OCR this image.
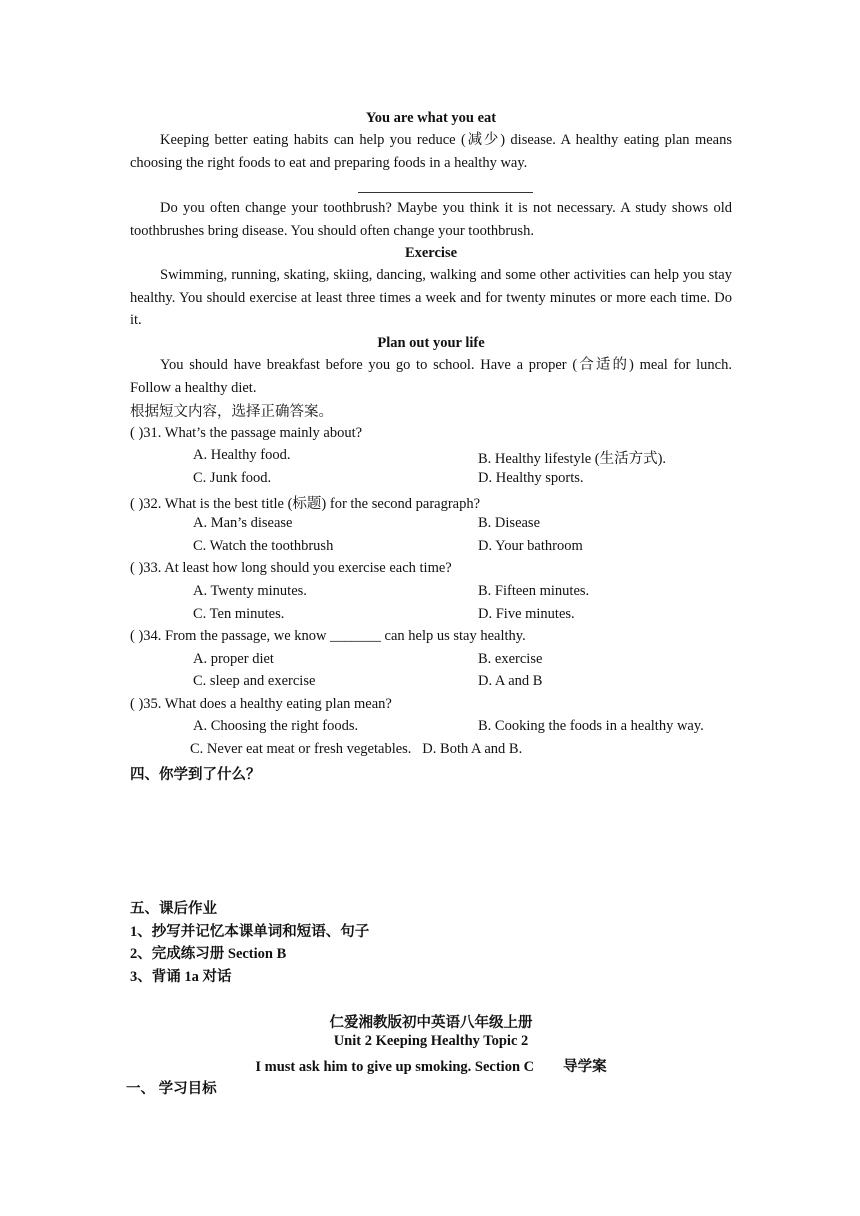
You are what you eat
Keeping better eating habits can help you reduce (减少) disease. A healthy eating plan means choosing the right foods to eat and preparing foods in a healthy way.
Do you often change your toothbrush? Maybe you think it is not necessary. A study shows old toothbrushes bring disease. You should often change your toothbrush.
Exercise
Swimming, running, skating, skiing, dancing, walking and some other activities can help you stay healthy. You should exercise at least three times a week and for twenty minutes or more each time. Do it.
Plan out your life
You should have breakfast before you go to school. Have a proper (合适的) meal for lunch. Follow a healthy diet.
根据短文内容，选择正确答案。
( )31. What’s the passage mainly about?
A. Healthy food.	B. Healthy lifestyle (生活方式).
C. Junk food.	D. Healthy sports.
( )32. What is the best title (标题) for the second paragraph?
A. Man’s disease	B. Disease
C. Watch the toothbrush	D. Your bathroom
( )33. At least how long should you exercise each time?
A. Twenty minutes.	B. Fifteen minutes.
C. Ten minutes.	D. Five minutes.
( )34. From the passage, we know _______ can help us stay healthy.
A. proper diet	B. exercise
C. sleep and exercise	D. A and B
( )35. What does a healthy eating plan mean?
A. Choosing the right foods.	B. Cooking the foods in a healthy way.
C. Never eat meat or fresh vegetables.   D. Both A and B.
四、你学到了什么？
五、课后作业
1、抄写并记忆本课单词和短语、句子
2、完成练习册 Section B
3、背诵 1a 对话
仁爱湘教版初中英语八年级上册
Unit 2 Keeping Healthy Topic 2
I must ask him to give up smoking. Section C        导学案
一、 学习目标
